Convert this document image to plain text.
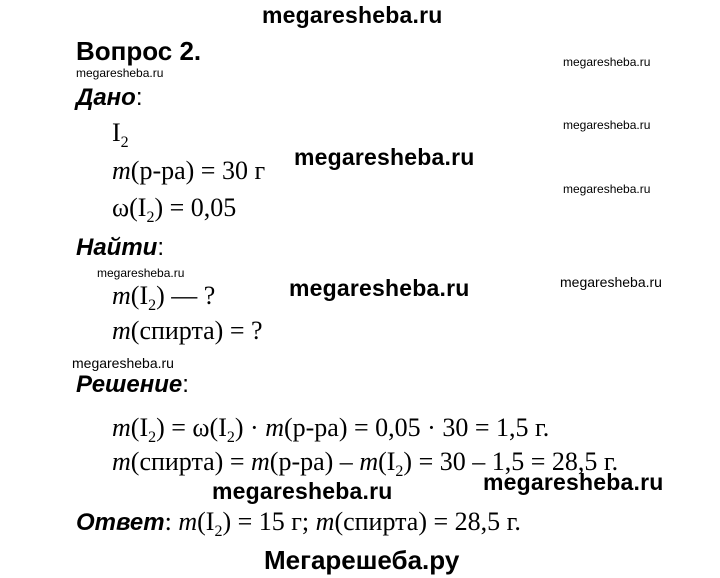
megaresheba.ru
megaresheba.ru
megaresheba.ru
megaresheba.ru
megaresheba.ru
megaresheba.ru
megaresheba.ru
megaresheba.ru	megaresheba.ru
megaresheba.ru
megaresheba.ru	megaresheba.ru
Вопрос 2.
Дано:
$I_2$
m(р-ра) = 30 г
$\omega(I_2) = 0,05$
Найти:
$m(I_2)$ — ?
m(спирта) = ?
Решение:
$m(I_2) = \omega(I_2) \cdot m(р-ра) = 0,05 \cdot 30 = 1,5$ г.
m(спирта) = $m(р-ра) - m(I_2) = 30 - 1,5 = 28,5$ г.
Ответ: $m(I_2) = 15$ г; m(спирта) = 28,5 г.
Мегарешеба.ру
